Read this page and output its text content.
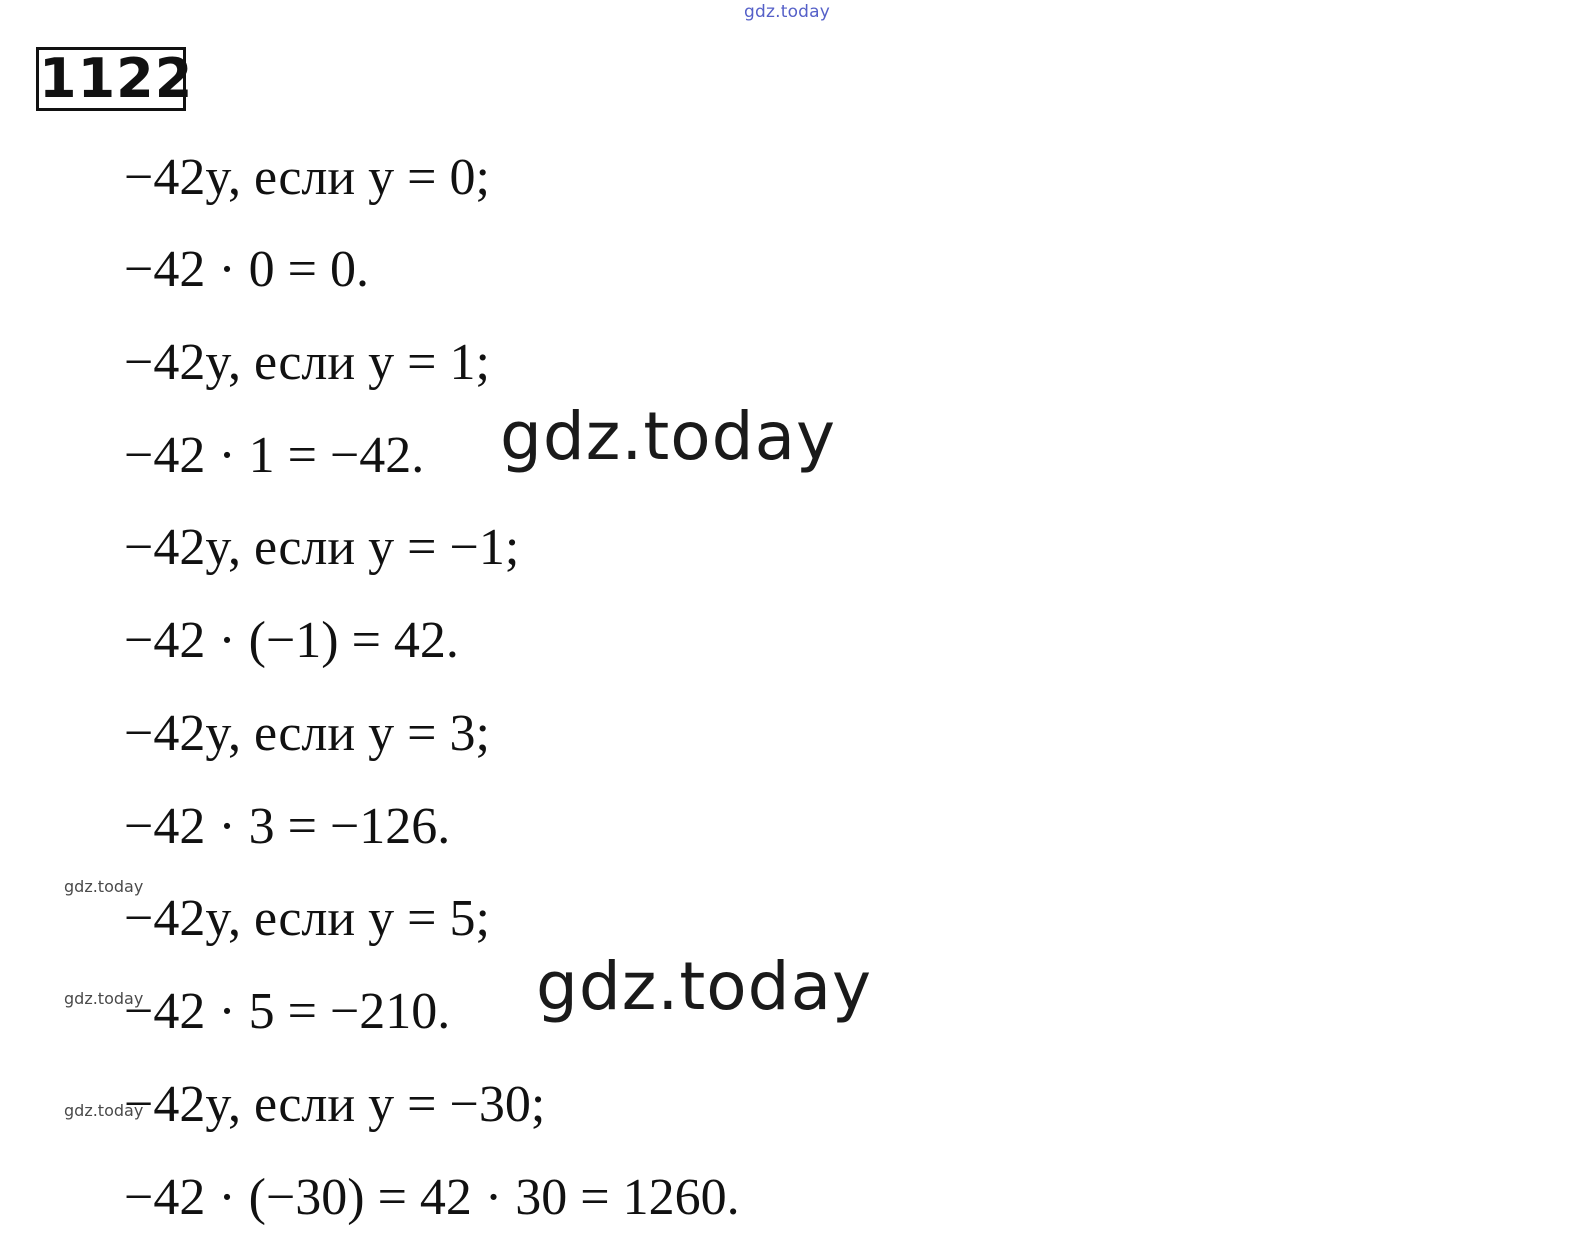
gdz.today
1122
−42y, если y = 0;
−42 · 0 = 0.
−42y, если y = 1;
−42 · 1 = −42.
−42y, если y = −1;
−42 · (−1) = 42.
−42y, если y = 3;
−42 · 3 = −126.
−42y, если y = 5;
−42 · 5 = −210.
−42y, если y = −30;
−42 · (−30) = 42 · 30 = 1260.
gdz.today
gdz.today
gdz.today
gdz.today
gdz.today
